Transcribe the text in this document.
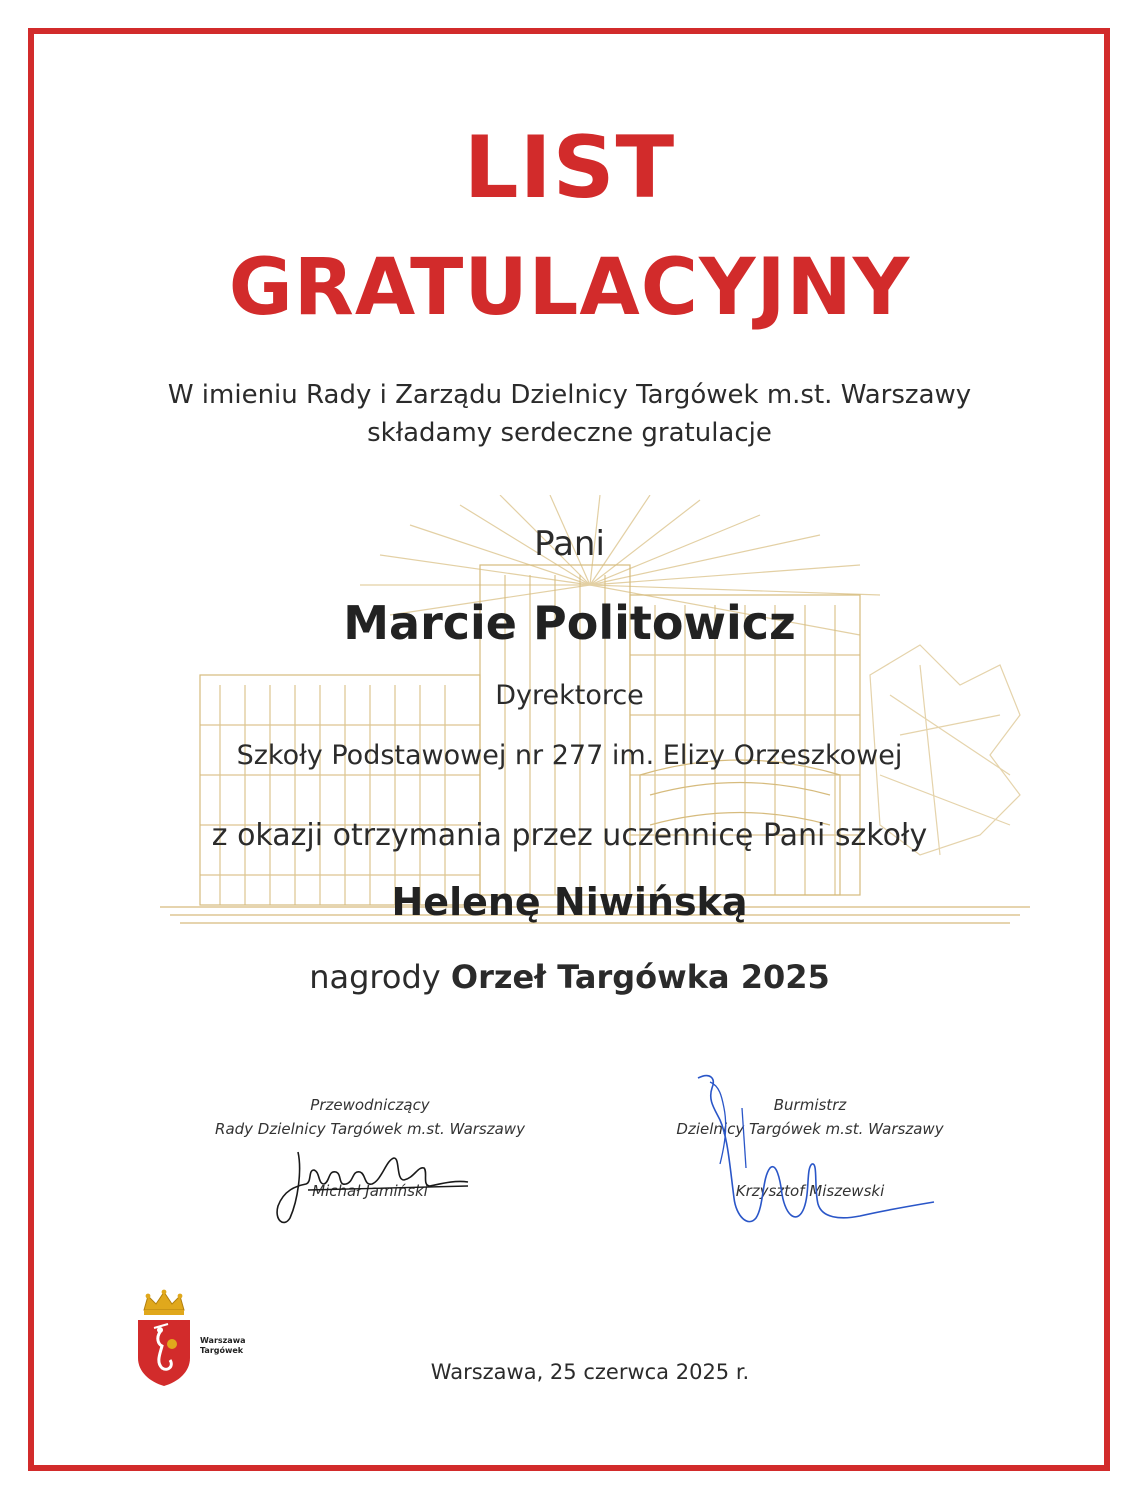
LIST
GRATULACYJNY
W imieniu Rady i Zarządu Dzielnicy Targówek m.st. Warszawy
składamy serdeczne gratulacje
Pani
Marcie Politowicz
Dyrektorce
Szkoły Podstawowej nr 277 im. Elizy Orzeszkowej
z okazji otrzymania przez uczennicę Pani szkoły
Helenę Niwińską
nagrody Orzeł Targówka 2025
Przewodniczący
Rady Dzielnicy Targówek m.st. Warszawy
Michał Jamiński
Burmistrz
Dzielnicy Targówek m.st. Warszawy
Krzysztof Miszewski
Warszawa
Targówek
Warszawa, 25 czerwca 2025 r.
